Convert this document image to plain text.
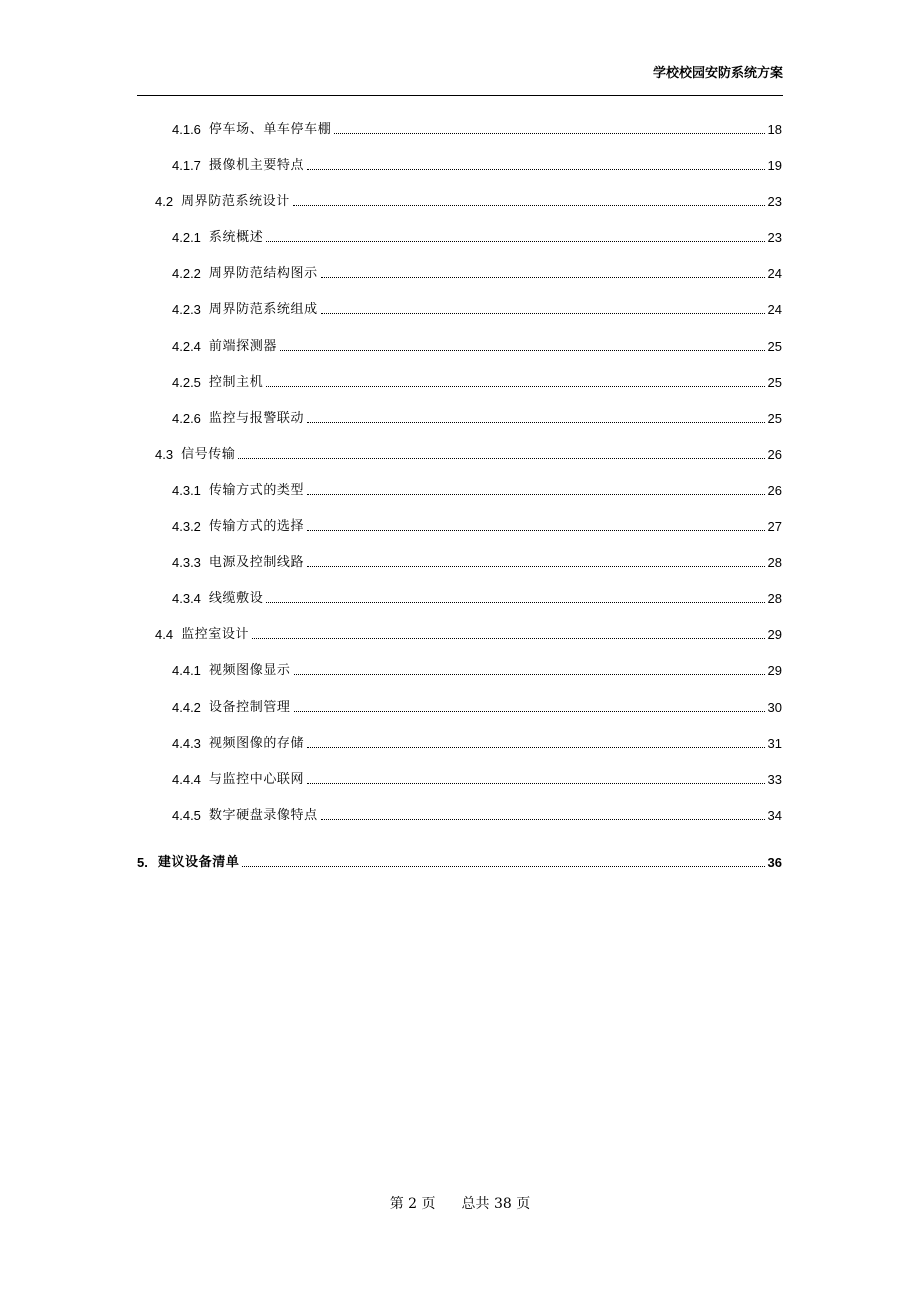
学校校园安防系统方案
4.1.6 停车场、单车停车棚	18
4.1.7 摄像机主要特点	19
4.2 周界防范系统设计	23
4.2.1 系统概述	23
4.2.2 周界防范结构图示	24
4.2.3 周界防范系统组成	24
4.2.4 前端探测器	25
4.2.5 控制主机	25
4.2.6 监控与报警联动	25
4.3 信号传输	26
4.3.1 传输方式的类型	26
4.3.2 传输方式的选择	27
4.3.3 电源及控制线路	28
4.3.4 线缆敷设	28
4.4 监控室设计	29
4.4.1 视频图像显示	29
4.4.2 设备控制管理	30
4.4.3 视频图像的存储	31
4.4.4 与监控中心联网	33
4.4.5 数字硬盘录像特点	34
5. 建议设备清单	36
第 2 页 总共 38 页
